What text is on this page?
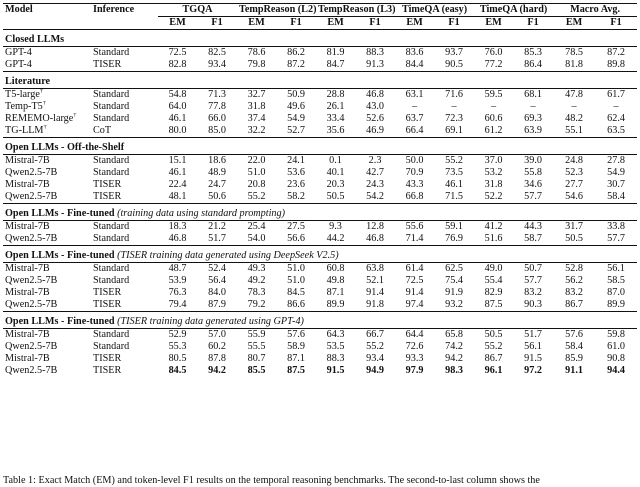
Model	Inference	TGQA		TempReason (L2)		TempReason (L3)		TimeQA (easy)		TimeQA (hard)		Macro Avg.	
		EM	F1	EM	F1	EM	F1	EM	F1	EM	F1	EM	F1
Closed LLMs													
GPT-4	Standard	72.5	82.5	78.6	86.2	81.9	88.3	83.6	93.7	76.0	85.3	78.5	87.2
GPT-4	TISER	82.8	93.4	79.8	87.2	84.7	91.3	84.4	90.5	77.2	86.4	81.8	89.8
Literature													
T5-large†	Standard	54.8	71.3	32.7	50.9	28.8	46.8	63.1	71.6	59.5	68.1	47.8	61.7
Temp-T5†	Standard	64.0	77.8	31.8	49.6	26.1	43.0	–	–	–	–	–	–
REMEMO-large†	Standard	46.1	66.0	37.4	54.9	33.4	52.6	63.7	72.3	60.6	69.3	48.2	62.4
TG-LLM†	CoT	80.0	85.0	32.2	52.7	35.6	46.9	66.4	69.1	61.2	63.9	55.1	63.5
Open LLMs - Off-the-Shelf													
Mistral-7B	Standard	15.1	18.6	22.0	24.1	0.1	2.3	50.0	55.2	37.0	39.0	24.8	27.8
Qwen2.5-7B	Standard	46.1	48.9	51.0	53.6	40.1	42.7	70.9	73.5	53.2	55.8	52.3	54.9
Mistral-7B	TISER	22.4	24.7	20.8	23.6	20.3	24.3	43.3	46.1	31.8	34.6	27.7	30.7
Qwen2.5-7B	TISER	48.1	50.6	55.2	58.2	50.5	54.2	66.8	71.5	52.2	57.7	54.6	58.4
Open LLMs - Fine-tuned (training data using standard prompting)													
Mistral-7B	Standard	18.3	21.2	25.4	27.5	9.3	12.8	55.6	59.1	41.2	44.3	31.7	33.8
Qwen2.5-7B	Standard	46.8	51.7	54.0	56.6	44.2	46.8	71.4	76.9	51.6	58.7	50.5	57.7
Open LLMs - Fine-tuned (TISER training data generated using DeepSeek V2.5)													
Mistral-7B	Standard	48.7	52.4	49.3	51.0	60.8	63.8	61.4	62.5	49.0	50.7	52.8	56.1
Qwen2.5-7B	Standard	53.9	56.4	49.2	51.0	49.8	52.1	72.5	75.4	55.4	57.7	56.2	58.5
Mistral-7B	TISER	76.3	84.0	78.3	84.5	87.1	91.4	91.4	91.9	82.9	83.2	83.2	87.0
Qwen2.5-7B	TISER	79.4	87.9	79.2	86.6	89.9	91.8	97.4	93.2	87.5	90.3	86.7	89.9
Open LLMs - Fine-tuned (TISER training data generated using GPT-4)													
Mistral-7B	Standard	52.9	57.0	55.9	57.6	64.3	66.7	64.4	65.8	50.5	51.7	57.6	59.8
Qwen2.5-7B	Standard	55.3	60.2	55.5	58.9	53.5	55.2	72.6	74.2	55.2	56.1	58.4	61.0
Mistral-7B	TISER	80.5	87.8	80.7	87.1	88.3	93.4	93.3	94.2	86.7	91.5	85.9	90.8
Qwen2.5-7B	TISER	84.5	94.2	85.5	87.5	91.5	94.9	97.9	98.3	96.1	97.2	91.1	94.4
Table 1: Exact Match (EM) and token-level F1 results on the temporal reasoning benchmarks. The second-to-last column shows the
